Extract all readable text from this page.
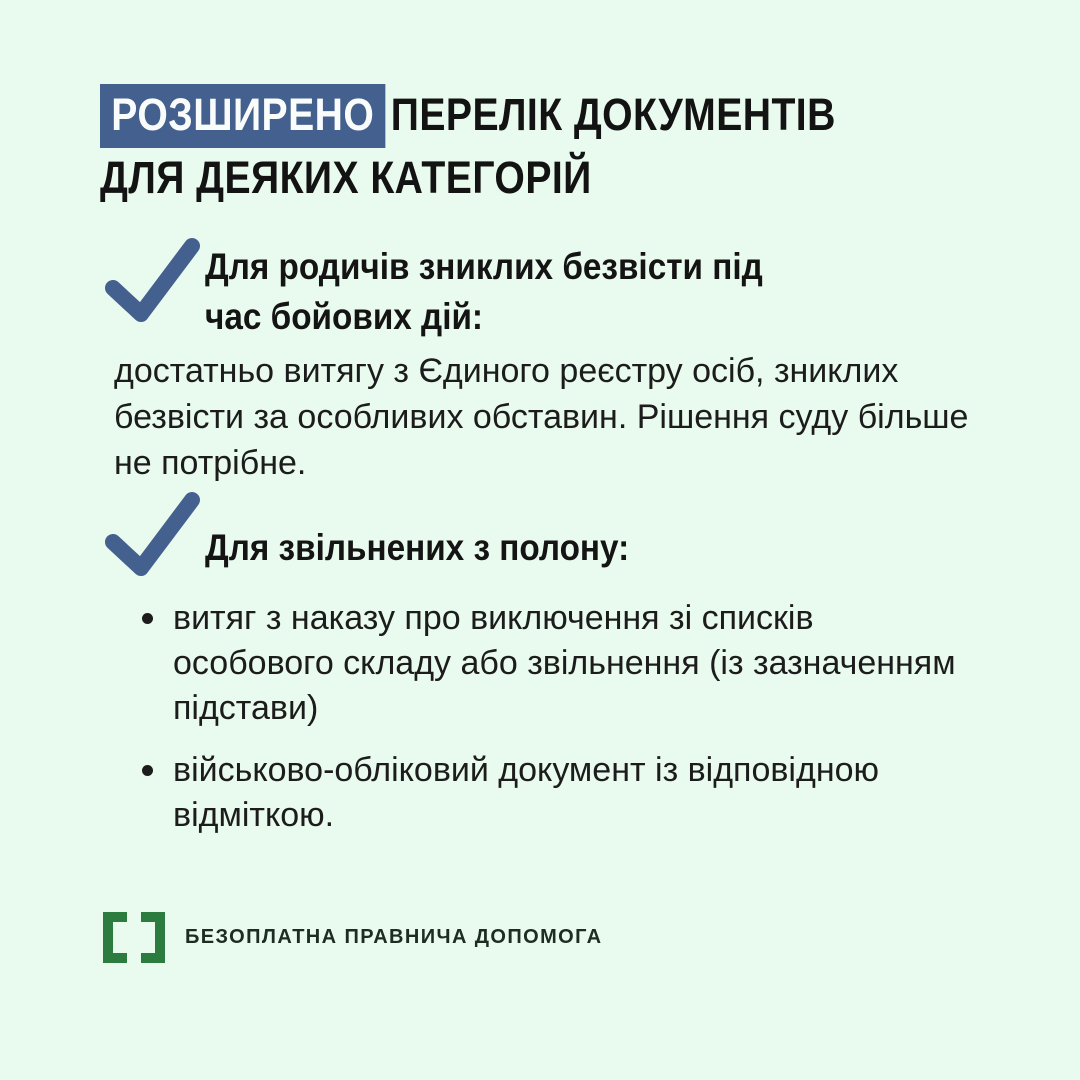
РОЗШИРЕНО ПЕРЕЛІК ДОКУМЕНТІВ
ДЛЯ ДЕЯКИХ КАТЕГОРІЙ
Для родичів зниклих безвісти під
час бойових дій:
достатньо витягу з Єдиного реєстру осіб, зниклих
безвісти за особливих обставин. Рішення суду більше
не потрібне.
Для звільнених з полону:
витяг з наказу про виключення зі списків
особового складу або звільнення (із зазначенням
підстави)
військово-обліковий документ із відповідною
відміткою.
БЕЗОПЛАТНА ПРАВНИЧА ДОПОМОГА
